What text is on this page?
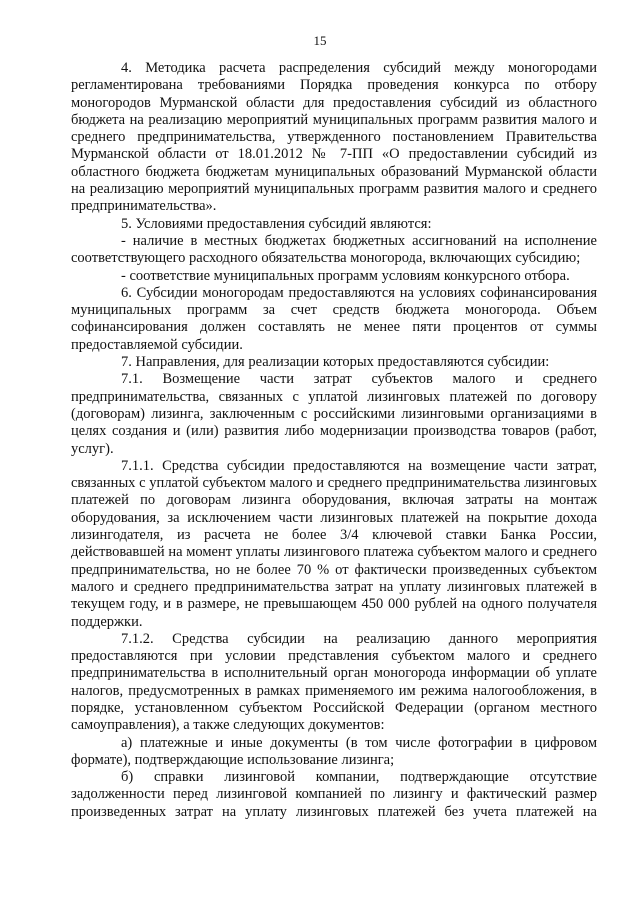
15

4. Методика расчета распределения субсидий между моногородами регламентирована требованиями Порядка проведения конкурса по отбору моногородов Мурманской области для предоставления субсидий из областного бюджета на реализацию мероприятий муниципальных программ развития малого и среднего предпринимательства, утвержденного постановлением Правительства Мурманской области от 18.01.2012 № 7-ПП «О предоставлении субсидий из областного бюджета бюджетам муниципальных образований Мурманской области на реализацию мероприятий муниципальных программ развития малого и среднего предпринимательства».

5. Условиями предоставления субсидий являются:

- наличие в местных бюджетах бюджетных ассигнований на исполнение соответствующего расходного обязательства моногорода, включающих субсидию;

- соответствие муниципальных программ условиям конкурсного отбора.

6. Субсидии моногородам предоставляются на условиях софинансирования муниципальных программ за счет средств бюджета моногорода. Объем софинансирования должен составлять не менее пяти процентов от суммы предоставляемой субсидии.

7. Направления, для реализации которых предоставляются субсидии:

7.1. Возмещение части затрат субъектов малого и среднего предпринимательства, связанных с уплатой лизинговых платежей по договору (договорам) лизинга, заключенным с российскими лизинговыми организациями в целях создания и (или) развития либо модернизации производства товаров (работ, услуг).

7.1.1. Средства субсидии предоставляются на возмещение части затрат, связанных с уплатой субъектом малого и среднего предпринимательства лизинговых платежей по договорам лизинга оборудования, включая затраты на монтаж оборудования, за исключением части лизинговых платежей на покрытие дохода лизингодателя, из расчета не более 3/4 ключевой ставки Банка России, действовавшей на момент уплаты лизингового платежа субъектом малого и среднего предпринимательства, но не более 70 % от фактически произведенных субъектом малого и среднего предпринимательства затрат на уплату лизинговых платежей в текущем году, и в размере, не превышающем 450 000 рублей на одного получателя поддержки.

7.1.2. Средства субсидии на реализацию данного мероприятия предоставляются при условии представления субъектом малого и среднего предпринимательства в исполнительный орган моногорода информации об уплате налогов, предусмотренных в рамках применяемого им режима налогообложения, в порядке, установленном субъектом Российской Федерации (органом местного самоуправления), а также следующих документов:

а) платежные и иные документы (в том числе фотографии в цифровом формате), подтверждающие использование лизинга;

б) справки лизинговой компании, подтверждающие отсутствие задолженности перед лизинговой компанией по лизингу и фактический размер произведенных затрат на уплату лизинговых платежей без учета платежей на
